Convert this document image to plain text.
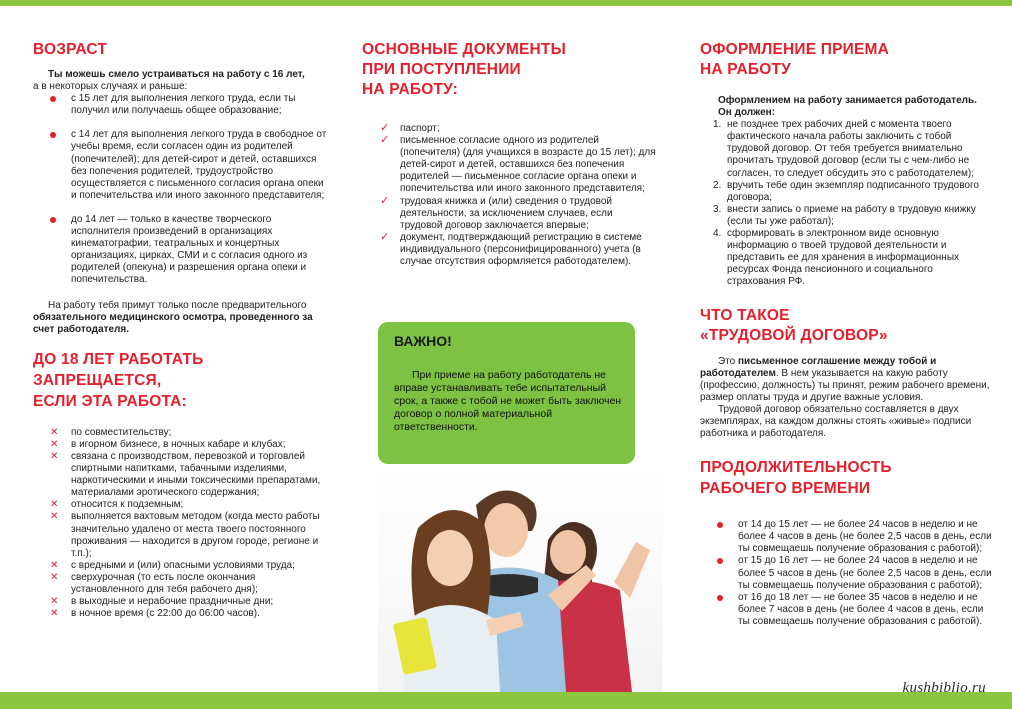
ВОЗРАСТ

Ты можешь смело устраиваться на работу с 16 лет,

а в некоторых случаях и раньше:

с 15 лет для выполнения легкого труда, если ты получил или получаешь общее образование;
с 14 лет для выполнения легкого труда в свободное от учебы время, если согласен один из родителей (попечителей); для детей-сирот и детей, оставшихся без попечения родителей, трудоустройство осуществляется с письменного согласия органа опеки и попечительства или иного законного представителя;
до 14 лет — только в качестве творческого исполнителя произведений в организациях кинематографии, театральных и концертных организациях, цирках, СМИ и с согласия одного из родителей (опекуна) и разрешения органа опеки и попечительства.

На работу тебя примут только после предварительного обязательного медицинского осмотра, проведенного за счет работодателя.

ДО 18 ЛЕТ РАБОТАТЬ
ЗАПРЕЩАЕТСЯ,
ЕСЛИ ЭТА РАБОТА:
✕ по совместительству;
✕ в игорном бизнесе, в ночных кабаре и клубах;
✕ связана с производством, перевозкой и торговлей спиртными напитками, табачными изделиями, наркотическими и иными токсическими препаратами, материалами эротического содержания;
✕ относится к подземным;
✕ выполняется вахтовым методом (когда место работы значительно удалено от места твоего постоянного проживания — находится в другом городе, регионе и т.п.);
✕ с вредными и (или) опасными условиями труда;
✕ сверхурочная (то есть после окончания установленного для тебя рабочего дня);
✕ в выходные и нерабочие праздничные дни;
✕ в ночное время (с 22:00 до 06:00 часов).
ОСНОВНЫЕ ДОКУМЕНТЫ
ПРИ ПОСТУПЛЕНИИ
НА РАБОТУ:
✓ паспорт;
✓ письменное согласие одного из родителей (попечителя) (для учащихся в возрасте до 15 лет); для детей-сирот и детей, оставшихся без попечения родителей — письменное согласие органа опеки и попечительства или иного законного представителя;
✓ трудовая книжка и (или) сведения о трудовой деятельности, за исключением случаев, если трудовой договор заключается впервые;
✓ документ, подтверждающий регистрацию в системе индивидуального (персонифицированного) учета (в случае отсутствия оформляется работодателем).

ВАЖНО!

При приеме на работу работодатель не вправе устанавливать тебе испытательный срок, а также с тобой не может быть заключен договор о полной материальной ответственности.

ОФОРМЛЕНИЕ ПРИЕМА
НА РАБОТУ

Оформлением на работу занимается работодатель.

Он должен:

1. не позднее трех рабочих дней с момента твоего фактического начала работы заключить с тобой трудовой договор. От тебя требуется внимательно прочитать трудовой договор (если ты с чем-либо не согласен, то следует обсудить это с работодателем);
2. вручить тебе один экземпляр подписанного трудового договора;
3. внести запись о приеме на работу в трудовую книжку (если ты уже работал);
4. сформировать в электронном виде основную информацию о твоей трудовой деятельности и представить ее для хранения в информационных ресурсах Фонда пенсионного и социального страхования РФ.
ЧТО ТАКОЕ
«ТРУДОВОЙ ДОГОВОР»

Это письменное соглашение между тобой и работодателем. В нем указывается на какую работу (профессию, должность) ты принят, режим рабочего времени, размер оплаты труда и другие важные условия.

Трудовой договор обязательно составляется в двух экземплярах, на каждом должны стоять «живые» подписи работника и работодателя.

ПРОДОЛЖИТЕЛЬНОСТЬ
РАБОЧЕГО ВРЕМЕНИ
от 14 до 15 лет — не более 24 часов в неделю и не более 4 часов в день (не более 2,5 часов в день, если ты совмещаешь получение образования с работой);
от 15 до 16 лет — не более 24 часов в неделю и не более 5 часов в день (не более 2,5 часов в день, если ты совмещаешь получение образования с работой);
от 16 до 18 лет — не более 35 часов в неделю и не более 7 часов в день (не более 4 часов в день, если ты совмещаешь получение образования с работой).
kushbiblio.ru
